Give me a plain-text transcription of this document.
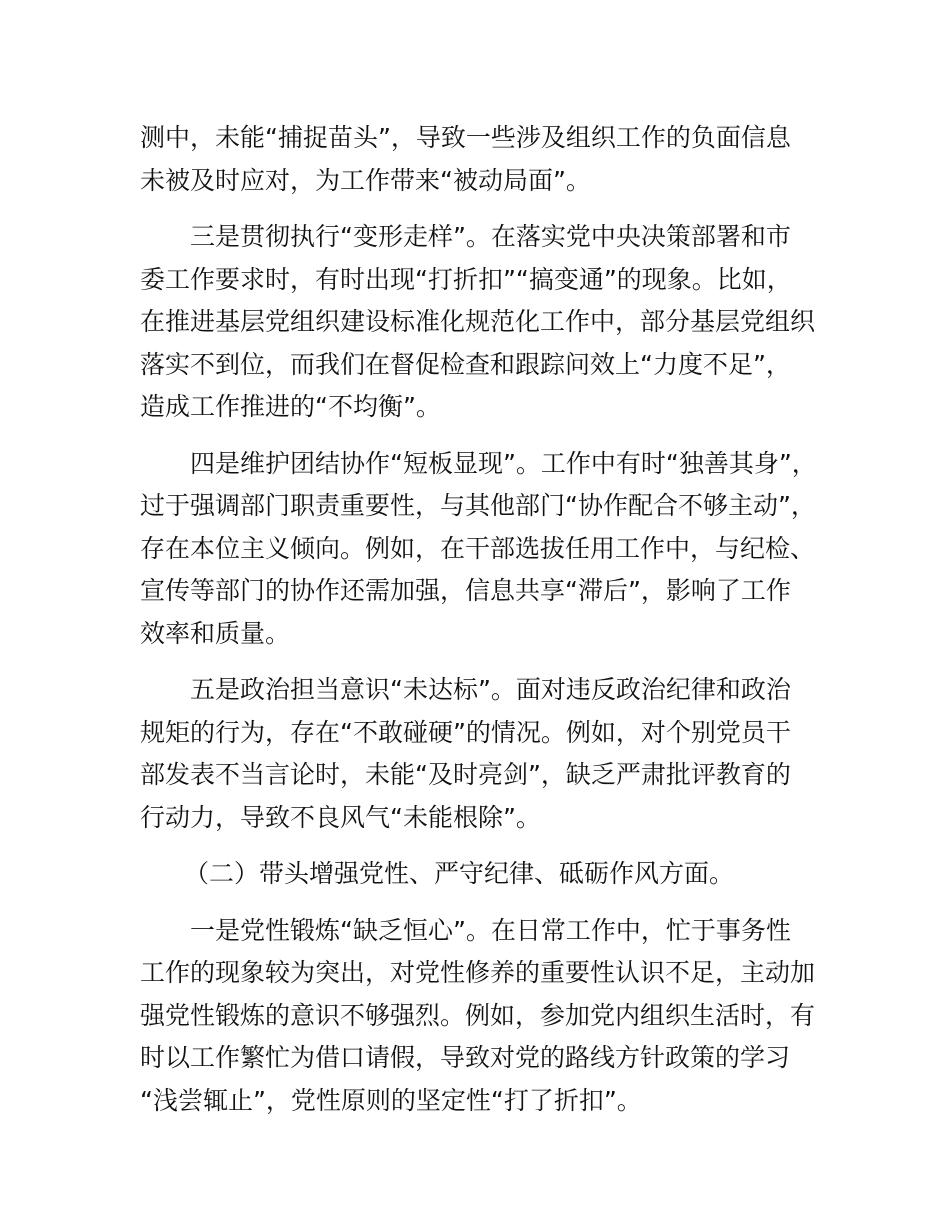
测中，未能“捕捉苗头”，导致一些涉及组织工作的负面信息
未被及时应对，为工作带来“被动局面”。
三是贯彻执行“变形走样”。在落实党中央决策部署和市
委工作要求时，有时出现“打折扣”“搞变通”的现象。比如，
在推进基层党组织建设标准化规范化工作中，部分基层党组织
落实不到位，而我们在督促检查和跟踪问效上“力度不足”，
造成工作推进的“不均衡”。
四是维护团结协作“短板显现”。工作中有时“独善其身”，
过于强调部门职责重要性，与其他部门“协作配合不够主动”，
存在本位主义倾向。例如，在干部选拔任用工作中，与纪检、
宣传等部门的协作还需加强，信息共享“滞后”，影响了工作
效率和质量。
五是政治担当意识“未达标”。面对违反政治纪律和政治
规矩的行为，存在“不敢碰硬”的情况。例如，对个别党员干
部发表不当言论时，未能“及时亮剑”，缺乏严肃批评教育的
行动力，导致不良风气“未能根除”。
（二）带头增强党性、严守纪律、砥砺作风方面。
一是党性锻炼“缺乏恒心”。在日常工作中，忙于事务性
工作的现象较为突出，对党性修养的重要性认识不足，主动加
强党性锻炼的意识不够强烈。例如，参加党内组织生活时，有
时以工作繁忙为借口请假，导致对党的路线方针政策的学习
“浅尝辄止”，党性原则的坚定性“打了折扣”。
